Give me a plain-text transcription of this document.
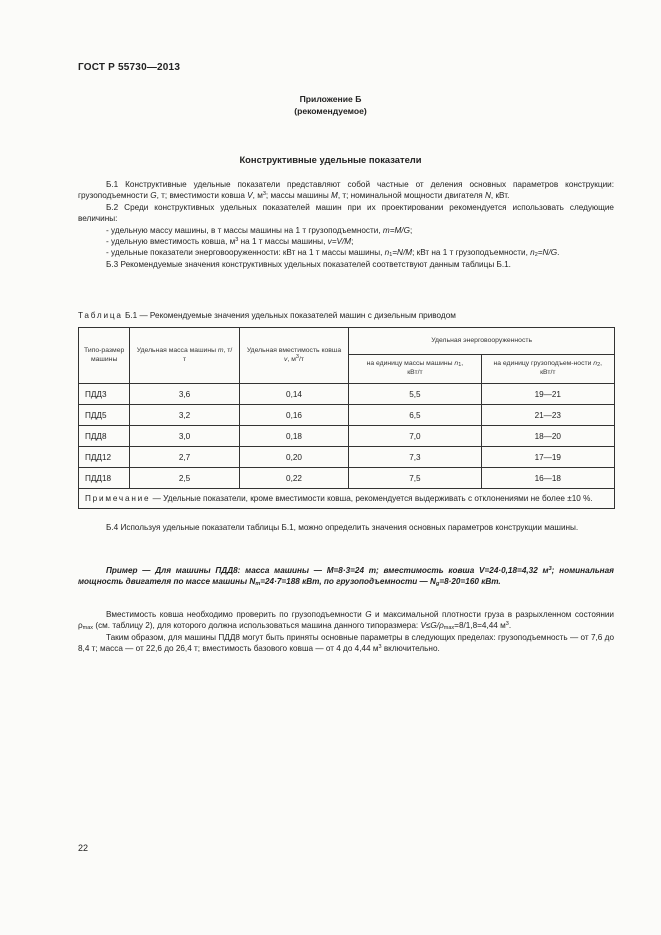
ГОСТ Р 55730—2013
Приложение Б
(рекомендуемое)
Конструктивные удельные показатели

Б.1 Конструктивные удельные показатели представляют собой частные от деления основных параметров конструкции: грузоподъемности G, т; вместимости ковша V, $м^3$; массы машины M, т; номинальной мощности двигателя N, кВт.

Б.2 Среди конструктивных удельных показателей машин при их проектировании рекомендуется использовать следующие величины:

- удельную массу машины, в т массы машины на 1 т грузоподъемности, m=M/G;

- удельную вместимость ковша, $м^3$ на 1 т массы машины, v=V/M;

- удельные показатели энерговооруженности: кВт на 1 т массы машины, $n_1=N/M$; кВт на 1 т грузоподъемности, $n_2=N/G$.

Б.3 Рекомендуемые значения конструктивных удельных показателей соответствуют данным таблицы Б.1.

Таблица Б.1 — Рекомендуемые значения удельных показателей машин с дизельным приводом
Типо-размер машины	Удельная масса машины m, т/т	Удельная вместимость ковша v, $м^3/т$	Удельная энерговооруженность	

			на единицу массы машины $n_1$, кВт/т	на единицу грузоподъем-ности $n_2$, кВт/т

ПДД3	3,6	0,14	5,5	19—21
ПДД5	3,2	0,16	6,5	21—23
ПДД8	3,0	0,18	7,0	18—20
ПДД12	2,7	0,20	7,3	17—19
ПДД18	2,5	0,22	7,5	16—18
Примечание — Удельные показатели, кроме вместимости ковша, рекомендуется выдерживать с отклонениями не более ±10 %.				

Б.4 Используя удельные показатели таблицы Б.1, можно определить значения основных параметров конструкции машины.

Пример — Для машины ПДД8: масса машины — M=8·3=24 т; вместимость ковша V=24·0,18=4,32 $м^3$; номинальная мощность двигателя по массе машины $N_m=24\cdot 7=188$ кВт, по грузоподъемности — $N_g=8\cdot 20=160$ кВт.

Вместимость ковша необходимо проверить по грузоподъемности G и максимальной плотности груза в разрыхленном состоянии $\rho_{max}$ (см. таблицу 2), для которого должна использоваться машина данного типоразмера: $V\le G/\rho_{max}=8/1,8=4,44$ $м^3$.

Таким образом, для машины ПДД8 могут быть приняты основные параметры в следующих пределах: грузоподъемность — от 7,6 до 8,4 т; масса — от 22,6 до 26,4 т; вместимость базового ковша — от 4 до 4,44 $м^3$ включительно.

22
